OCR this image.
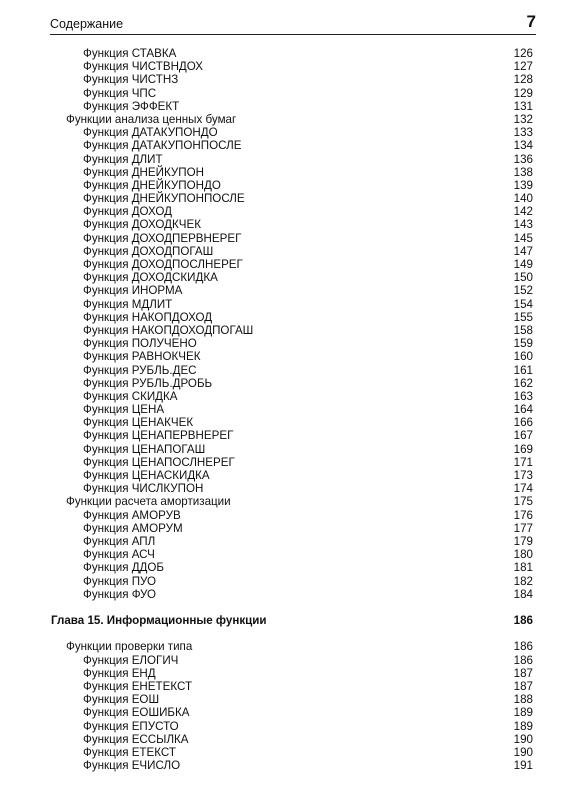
Содержание	7
Функция СТАВКА	126
Функция ЧИСТВНДОХ	127
Функция ЧИСТНЗ	128
Функция ЧПС	129
Функция ЭФФЕКТ	131
Функции анализа ценных бумаг	132
Функция ДАТАКУПОНДО	133
Функция ДАТАКУПОНПОСЛЕ	134
Функция ДЛИТ	136
Функция ДНЕЙКУПОН	138
Функция ДНЕЙКУПОНДО	139
Функция ДНЕЙКУПОНПОСЛЕ	140
Функция ДОХОД	142
Функция ДОХОДКЧЕК	143
Функция ДОХОДПЕРВНЕРЕГ	145
Функция ДОХОДПОГАШ	147
Функция ДОХОДПОСЛНЕРЕГ	149
Функция ДОХОДСКИДКА	150
Функция ИНОРМА	152
Функция МДЛИТ	154
Функция НАКОПДОХОД	155
Функция НАКОПДОХОДПОГАШ	158
Функция ПОЛУЧЕНО	159
Функция РАВНОКЧЕК	160
Функция РУБЛЬ.ДЕС	161
Функция РУБЛЬ.ДРОБЬ	162
Функция СКИДКА	163
Функция ЦЕНА	164
Функция ЦЕНАКЧЕК	166
Функция ЦЕНАПЕРВНЕРЕГ	167
Функция ЦЕНАПОГАШ	169
Функция ЦЕНАПОСЛНЕРЕГ	171
Функция ЦЕНАСКИДКА	173
Функция ЧИСЛКУПОН	174
Функции расчета амортизации	175
Функция АМОРУВ	176
Функция АМОРУМ	177
Функция АПЛ	179
Функция АСЧ	180
Функция ДДОБ	181
Функция ПУО	182
Функция ФУО	184
Глава 15. Информационные функции	186
Функции проверки типа	186
Функция ЕЛОГИЧ	186
Функция ЕНД	187
Функция ЕНЕТЕКСТ	187
Функция ЕОШ	188
Функция ЕОШИБКА	189
Функция ЕПУСТО	189
Функция ЕССЫЛКА	190
Функция ЕТЕКСТ	190
Функция ЕЧИСЛО	191
